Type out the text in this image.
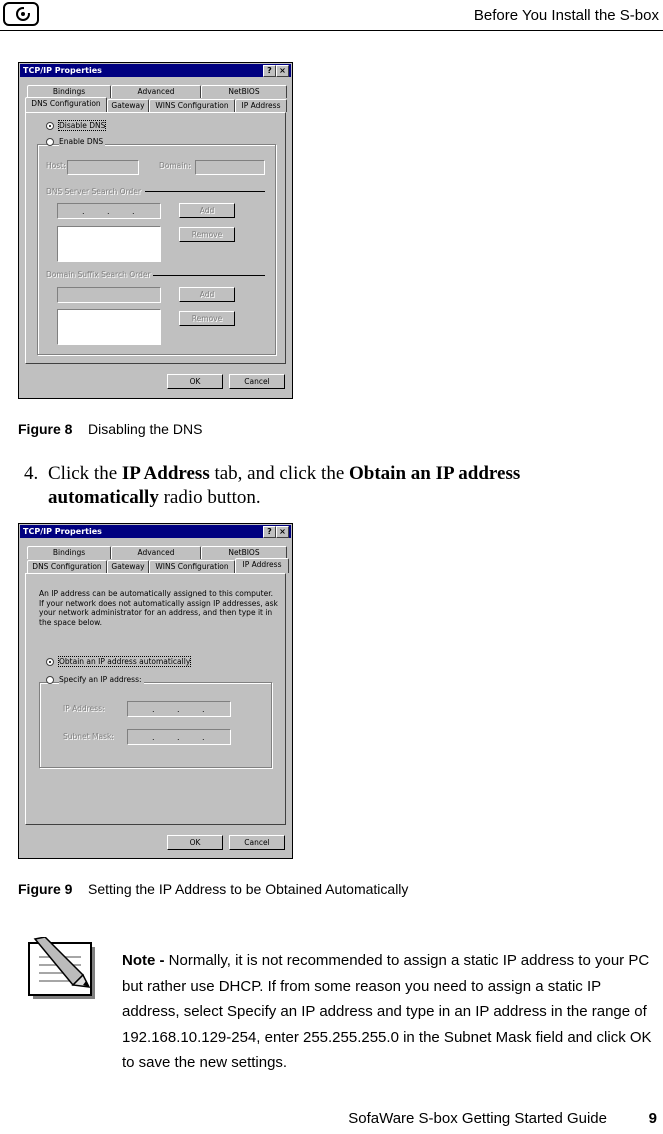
Before You Install the S-box
TCP/IP Properties	? ×
Bindings	Advanced	NetBIOS
DNS Configuration	Gateway	WINS Configuration	IP Address
Disable DNS
Enable DNS
Host:	Domain:
DNS Server Search Order
.	.	.	Add
Remove
Domain Suffix Search Order
Add
Remove
OK	Cancel
Figure 8 Disabling the DNS
4. Click the IP Address tab, and click the Obtain an IP address automatically radio button.
TCP/IP Properties	? ×
Bindings	Advanced	NetBIOS
DNS Configuration	Gateway	WINS Configuration	IP Address
An IP address can be automatically assigned to this computer. If your network does not automatically assign IP addresses, ask your network administrator for an address, and then type it in the space below.
Obtain an IP address automatically
Specify an IP address:
IP Address:	.	.	.
Subnet Mask:	.	.	.
OK	Cancel
Figure 9 Setting the IP Address to be Obtained Automatically
Note - Normally, it is not recommended to assign a static IP address to your PC but rather use DHCP. If from some reason you need to assign a static IP address, select Specify an IP address and type in an IP address in the range of 192.168.10.129-254, enter 255.255.255.0 in the Subnet Mask field and click OK to save the new settings.
SofaWare S-box Getting Started Guide	9
